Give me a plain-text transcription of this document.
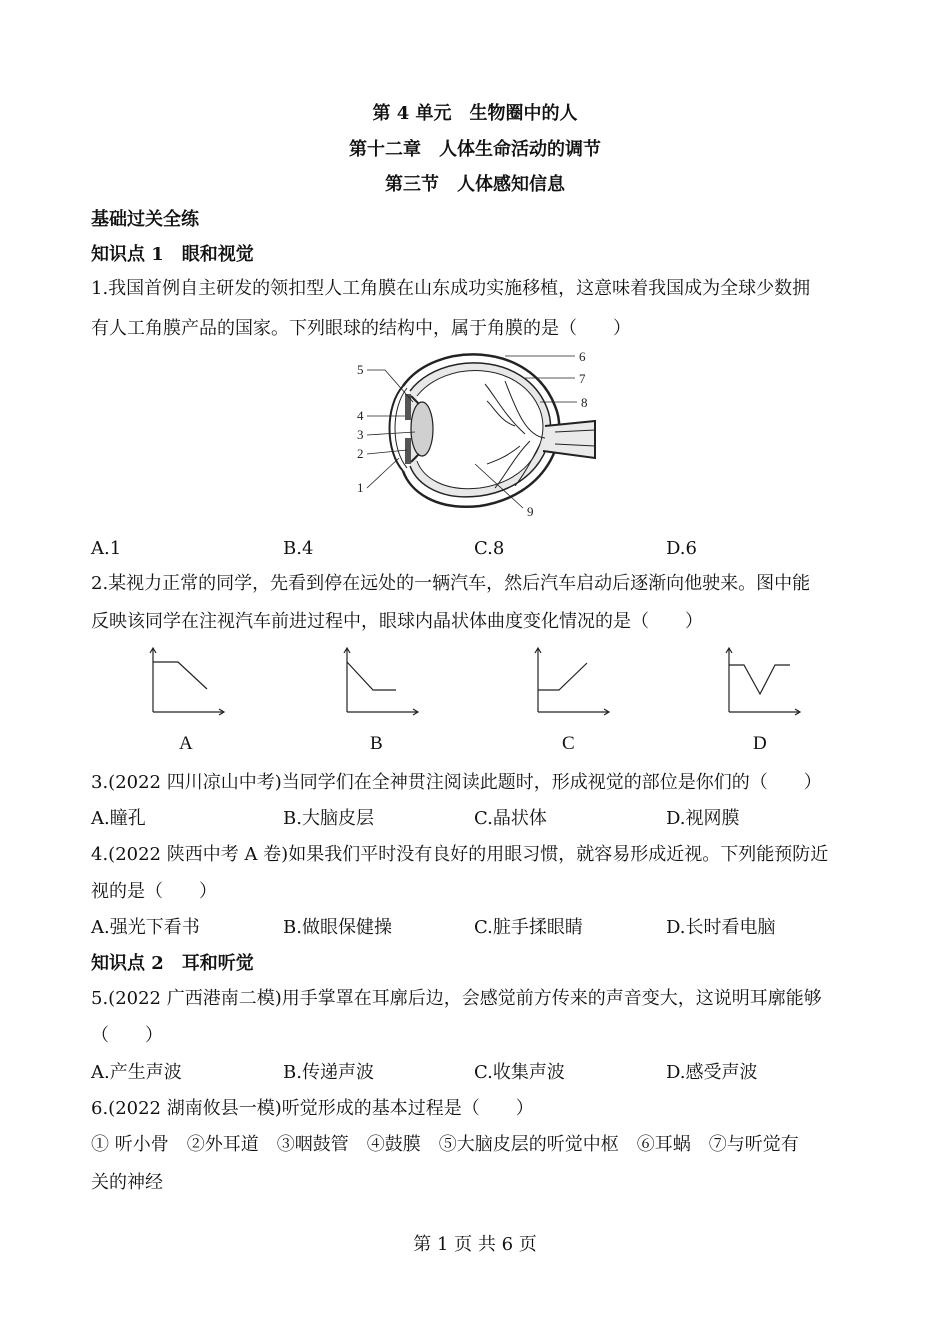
第 4 单元　生物圈中的人
第十二章　人体生命活动的调节
第三节　人体感知信息
基础过关全练
知识点 1　眼和视觉
1.我国首例自主研发的领扣型人工角膜在山东成功实施移植，这意味着我国成为全球少数拥
有人工角膜产品的国家。下列眼球的结构中，属于角膜的是（　　）
5
4
3
2
1
6
7
8
9
A.1	B.4	C.8	D.6
2.某视力正常的同学，先看到停在远处的一辆汽车，然后汽车启动后逐渐向他驶来。图中能
反映该同学在注视汽车前进过程中，眼球内晶状体曲度变化情况的是（　　）
A	B	C	D
3.(2022 四川凉山中考)当同学们在全神贯注阅读此题时，形成视觉的部位是你们的（　　）
A.瞳孔	B.大脑皮层	C.晶状体	D.视网膜
4.(2022 陕西中考 A 卷)如果我们平时没有良好的用眼习惯，就容易形成近视。下列能预防近
视的是（　　）
A.强光下看书	B.做眼保健操	C.脏手揉眼睛	D.长时看电脑
知识点 2　耳和听觉
5.(2022 广西港南二模)用手掌罩在耳廓后边，会感觉前方传来的声音变大，这说明耳廓能够
（　　）
A.产生声波	B.传递声波	C.收集声波	D.感受声波
6.(2022 湖南攸县一模)听觉形成的基本过程是（　　）
① 听小骨　②外耳道　③咽鼓管　④鼓膜　⑤大脑皮层的听觉中枢　⑥耳蜗　⑦与听觉有
关的神经
第 1 页 共 6 页
